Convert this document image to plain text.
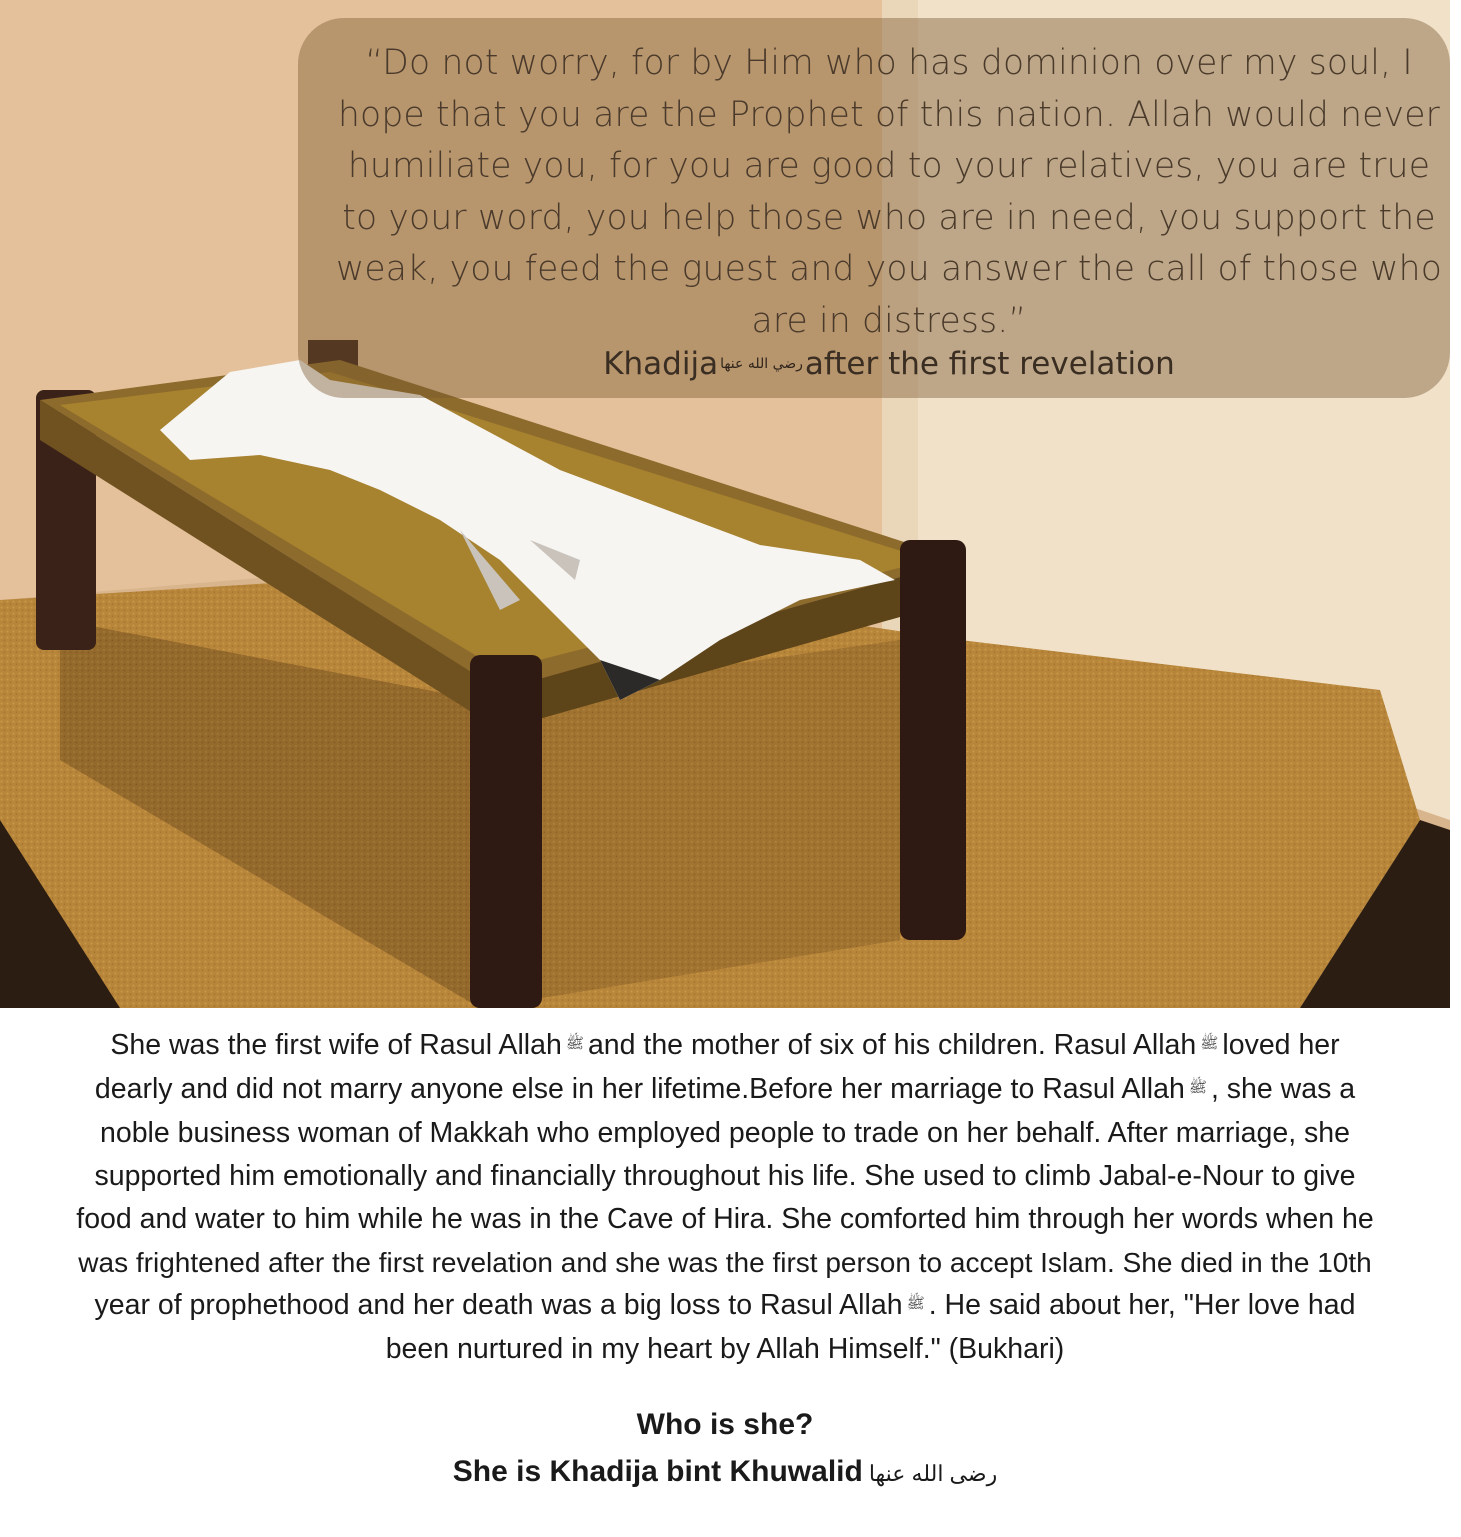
“Do not worry, for by Him who has dominion over my soul, I
hope that you are the Prophet of this nation. Allah would never
humiliate you, for you are good to your relatives, you are true
to your word, you help those who are in need, you support the
weak, you feed the guest and you answer the call of those who
are in distress.”
Khadija رضي الله عنهاafter the first revelation
She was the first wife of Rasul Allah ﷺ and the mother of six of his children. Rasul Allah ﷺ loved her
dearly and did not marry anyone else in her lifetime.Before her marriage to Rasul Allah ﷺ , she was a
noble business woman of Makkah who employed people to trade on her behalf. After marriage, she
supported him emotionally and financially throughout his life. She used to climb Jabal-e-Nour to give
food and water to him while he was in the Cave of Hira. She comforted him through her words when he
was frightened after the first revelation and she was the first person to accept Islam. She died in the 10th
year of prophethood and her death was a big loss to Rasul Allah ﷺ . He said about her, "Her love had
been nurtured in my heart by Allah Himself." (Bukhari)
Who is she?
She is Khadija bint Khuwalid رضى الله عنها
